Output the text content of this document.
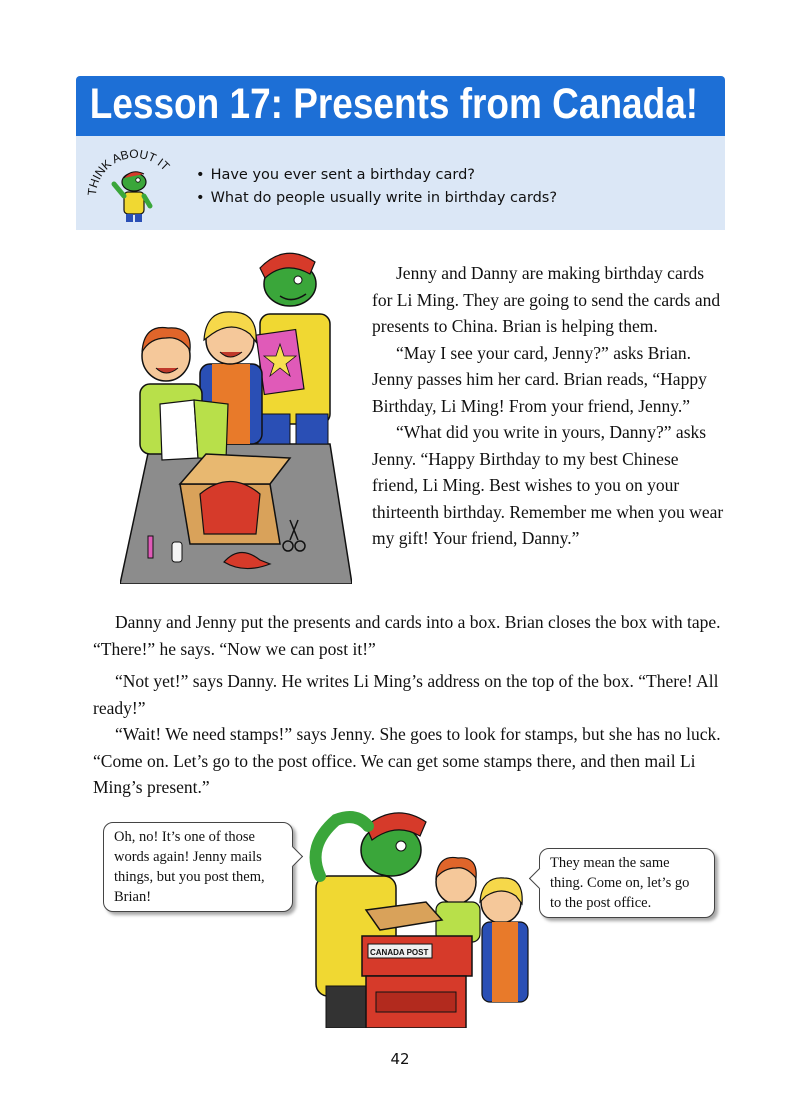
Lesson 17: Presents from Canada!
THINK ABOUT IT
• Have you ever sent a birthday card?
• What do people usually write in birthday cards?

Jenny and Danny are making birthday cards for Li Ming. They are going to send the cards and presents to China. Brian is helping them.

“May I see your card, Jenny?” asks Brian. Jenny passes him her card. Brian reads, “Happy Birthday, Li Ming! From your friend, Jenny.”

“What did you write in yours, Danny?” asks Jenny. “Happy Birthday to my best Chinese friend, Li Ming. Best wishes to you on your thirteenth birthday. Remember me when you wear my gift! Your friend, Danny.”

Danny and Jenny put the presents and cards into a box. Brian closes the box with tape. “There!” he says. “Now we can post it!”

“Not yet!” says Danny. He writes Li Ming’s address on the top of the box. “There! All ready!”

“Wait! We need stamps!” says Jenny. She goes to look for stamps, but she has no luck. “Come on. Let’s go to the post office. We can get some stamps there, and then mail Li Ming’s present.”

Oh, no! It’s one of those words again! Jenny mails things, but you post them, Brian!
They mean the same thing. Come on, let’s go to the post office.
CANADA POST
42
